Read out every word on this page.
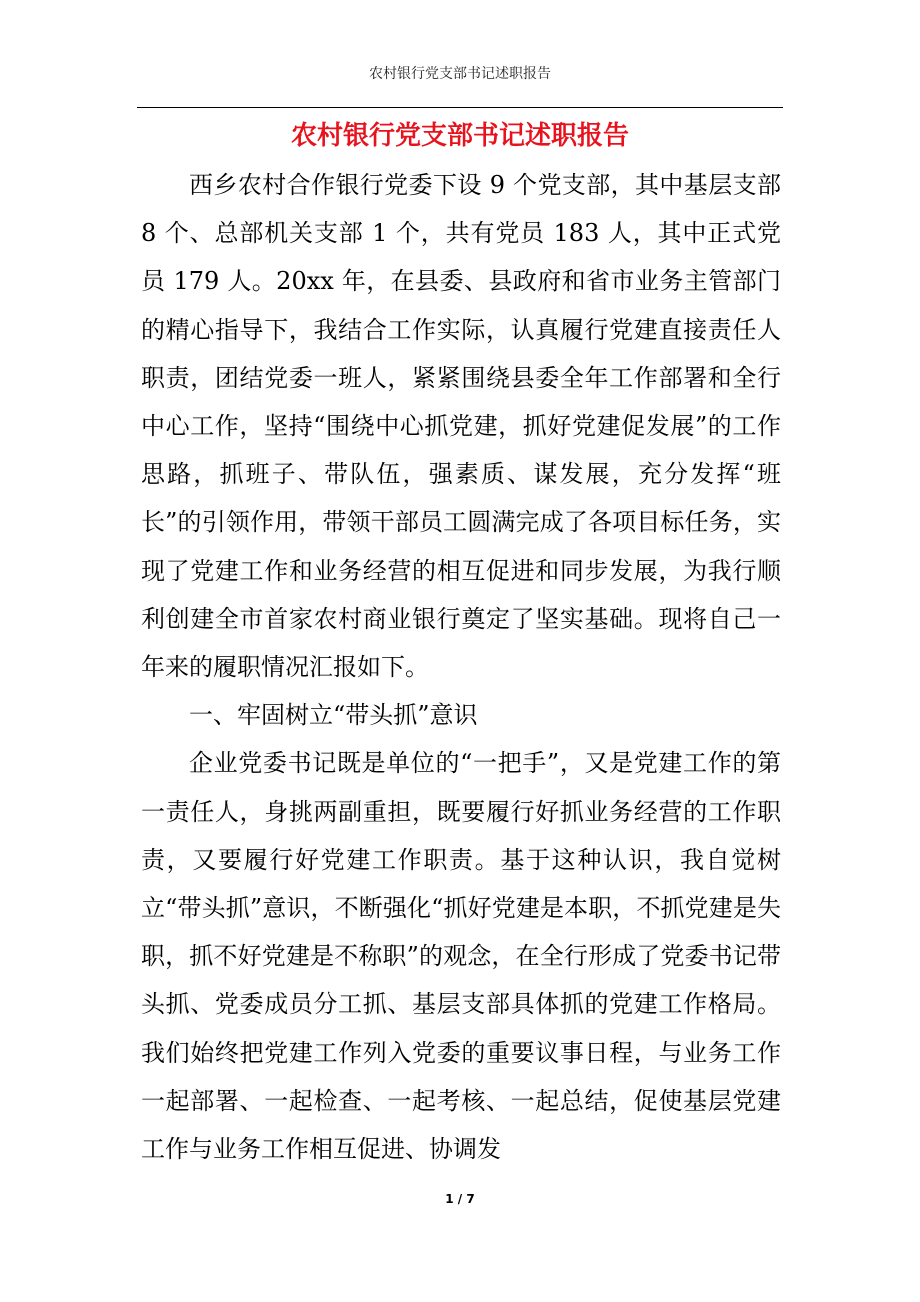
农村银行党支部书记述职报告
农村银行党支部书记述职报告

西乡农村合作银行党委下设 9 个党支部，其中基层支部 8 个、总部机关支部 1 个，共有党员 183 人，其中正式党员 179 人。20xx 年，在县委、县政府和省市业务主管部门的精心指导下，我结合工作实际，认真履行党建直接责任人职责，团结党委一班人，紧紧围绕县委全年工作部署和全行中心工作，坚持“围绕中心抓党建，抓好党建促发展”的工作思路，抓班子、带队伍，强素质、谋发展，充分发挥“班长”的引领作用，带领干部员工圆满完成了各项目标任务，实现了党建工作和业务经营的相互促进和同步发展，为我行顺利创建全市首家农村商业银行奠定了坚实基础。现将自己一年来的履职情况汇报如下。

一、牢固树立“带头抓”意识

企业党委书记既是单位的“一把手”，又是党建工作的第一责任人，身挑两副重担，既要履行好抓业务经营的工作职责，又要履行好党建工作职责。基于这种认识，我自觉树立“带头抓”意识，不断强化“抓好党建是本职，不抓党建是失职，抓不好党建是不称职”的观念，在全行形成了党委书记带头抓、党委成员分工抓、基层支部具体抓的党建工作格局。我们始终把党建工作列入党委的重要议事日程，与业务工作一起部署、一起检查、一起考核、一起总结，促使基层党建工作与业务工作相互促进、协调发

1 / 7
